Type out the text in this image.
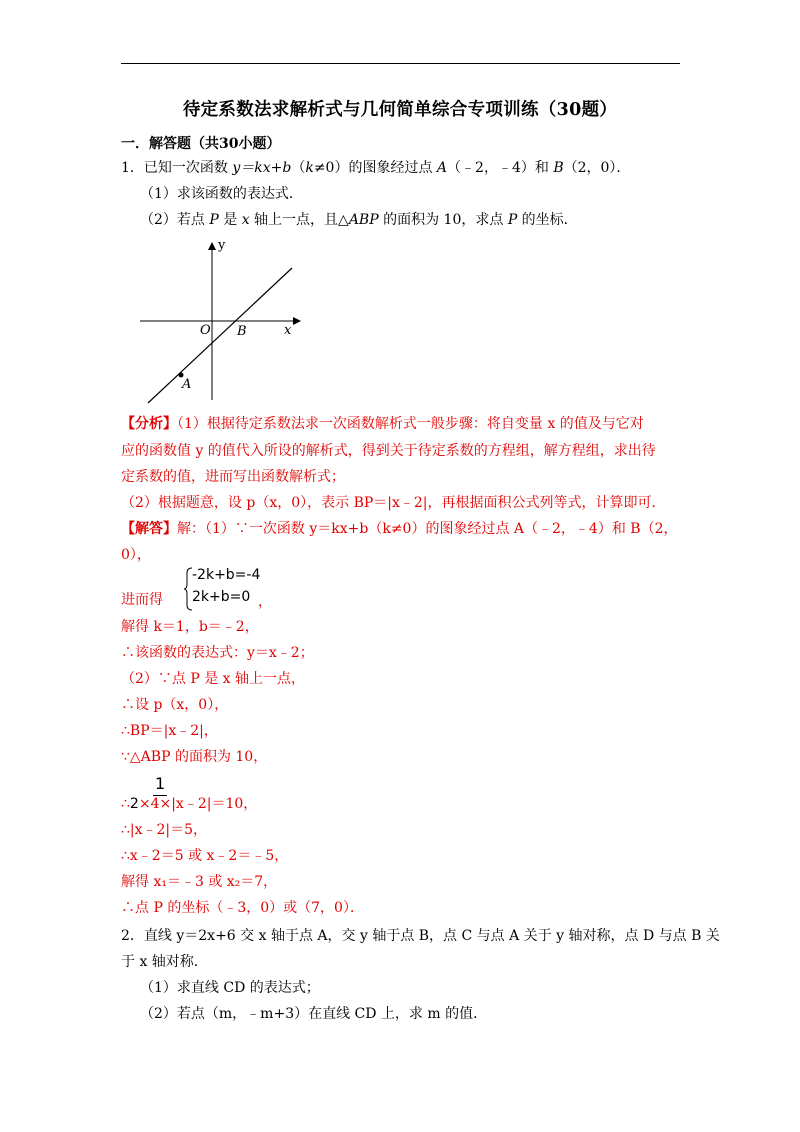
待定系数法求解析式与几何简单综合专项训练（30题）
一．解答题（共30小题）
1．已知一次函数 y＝kx+b（k≠0）的图象经过点 A（﹣2，﹣4）和 B（2，0）．
（1）求该函数的表达式．
（2）若点 P 是 x 轴上一点，且△ABP 的面积为 10，求点 P 的坐标．
y
x
O B
A
【分析】（1）根据待定系数法求一次函数解析式一般步骤：将自变量 x 的值及与它对
应的函数值 y 的值代入所设的解析式，得到关于待定系数的方程组，解方程组，求出待
定系数的值，进而写出函数解析式；
（2）根据题意，设 p（x，0），表示 BP＝|x﹣2|，再根据面积公式列等式，计算即可．
【解答】解：（1）∵一次函数 y＝kx+b（k≠0）的图象经过点 A（﹣2，﹣4）和 B（2，
0），
进而得
-2k+b=-4
2k+b=0 ，
解得 k＝1，b＝﹣2，
∴该函数的表达式：y＝x﹣2；
（2）∵点 P 是 x 轴上一点，
∴设 p（x，0），
∴BP＝|x﹣2|，
∵△ABP 的面积为 10，
1
∴2×4×|x﹣2|＝10，
∴|x﹣2|＝5，
∴x﹣2＝5 或 x﹣2＝﹣5，
解得 x₁＝﹣3 或 x₂＝7，
∴点 P 的坐标（﹣3，0）或（7，0）．
2．直线 y＝2x+6 交 x 轴于点 A，交 y 轴于点 B，点 C 与点 A 关于 y 轴对称，点 D 与点 B 关
于 x 轴对称．
（1）求直线 CD 的表达式；
（2）若点（m，﹣m+3）在直线 CD 上，求 m 的值．
